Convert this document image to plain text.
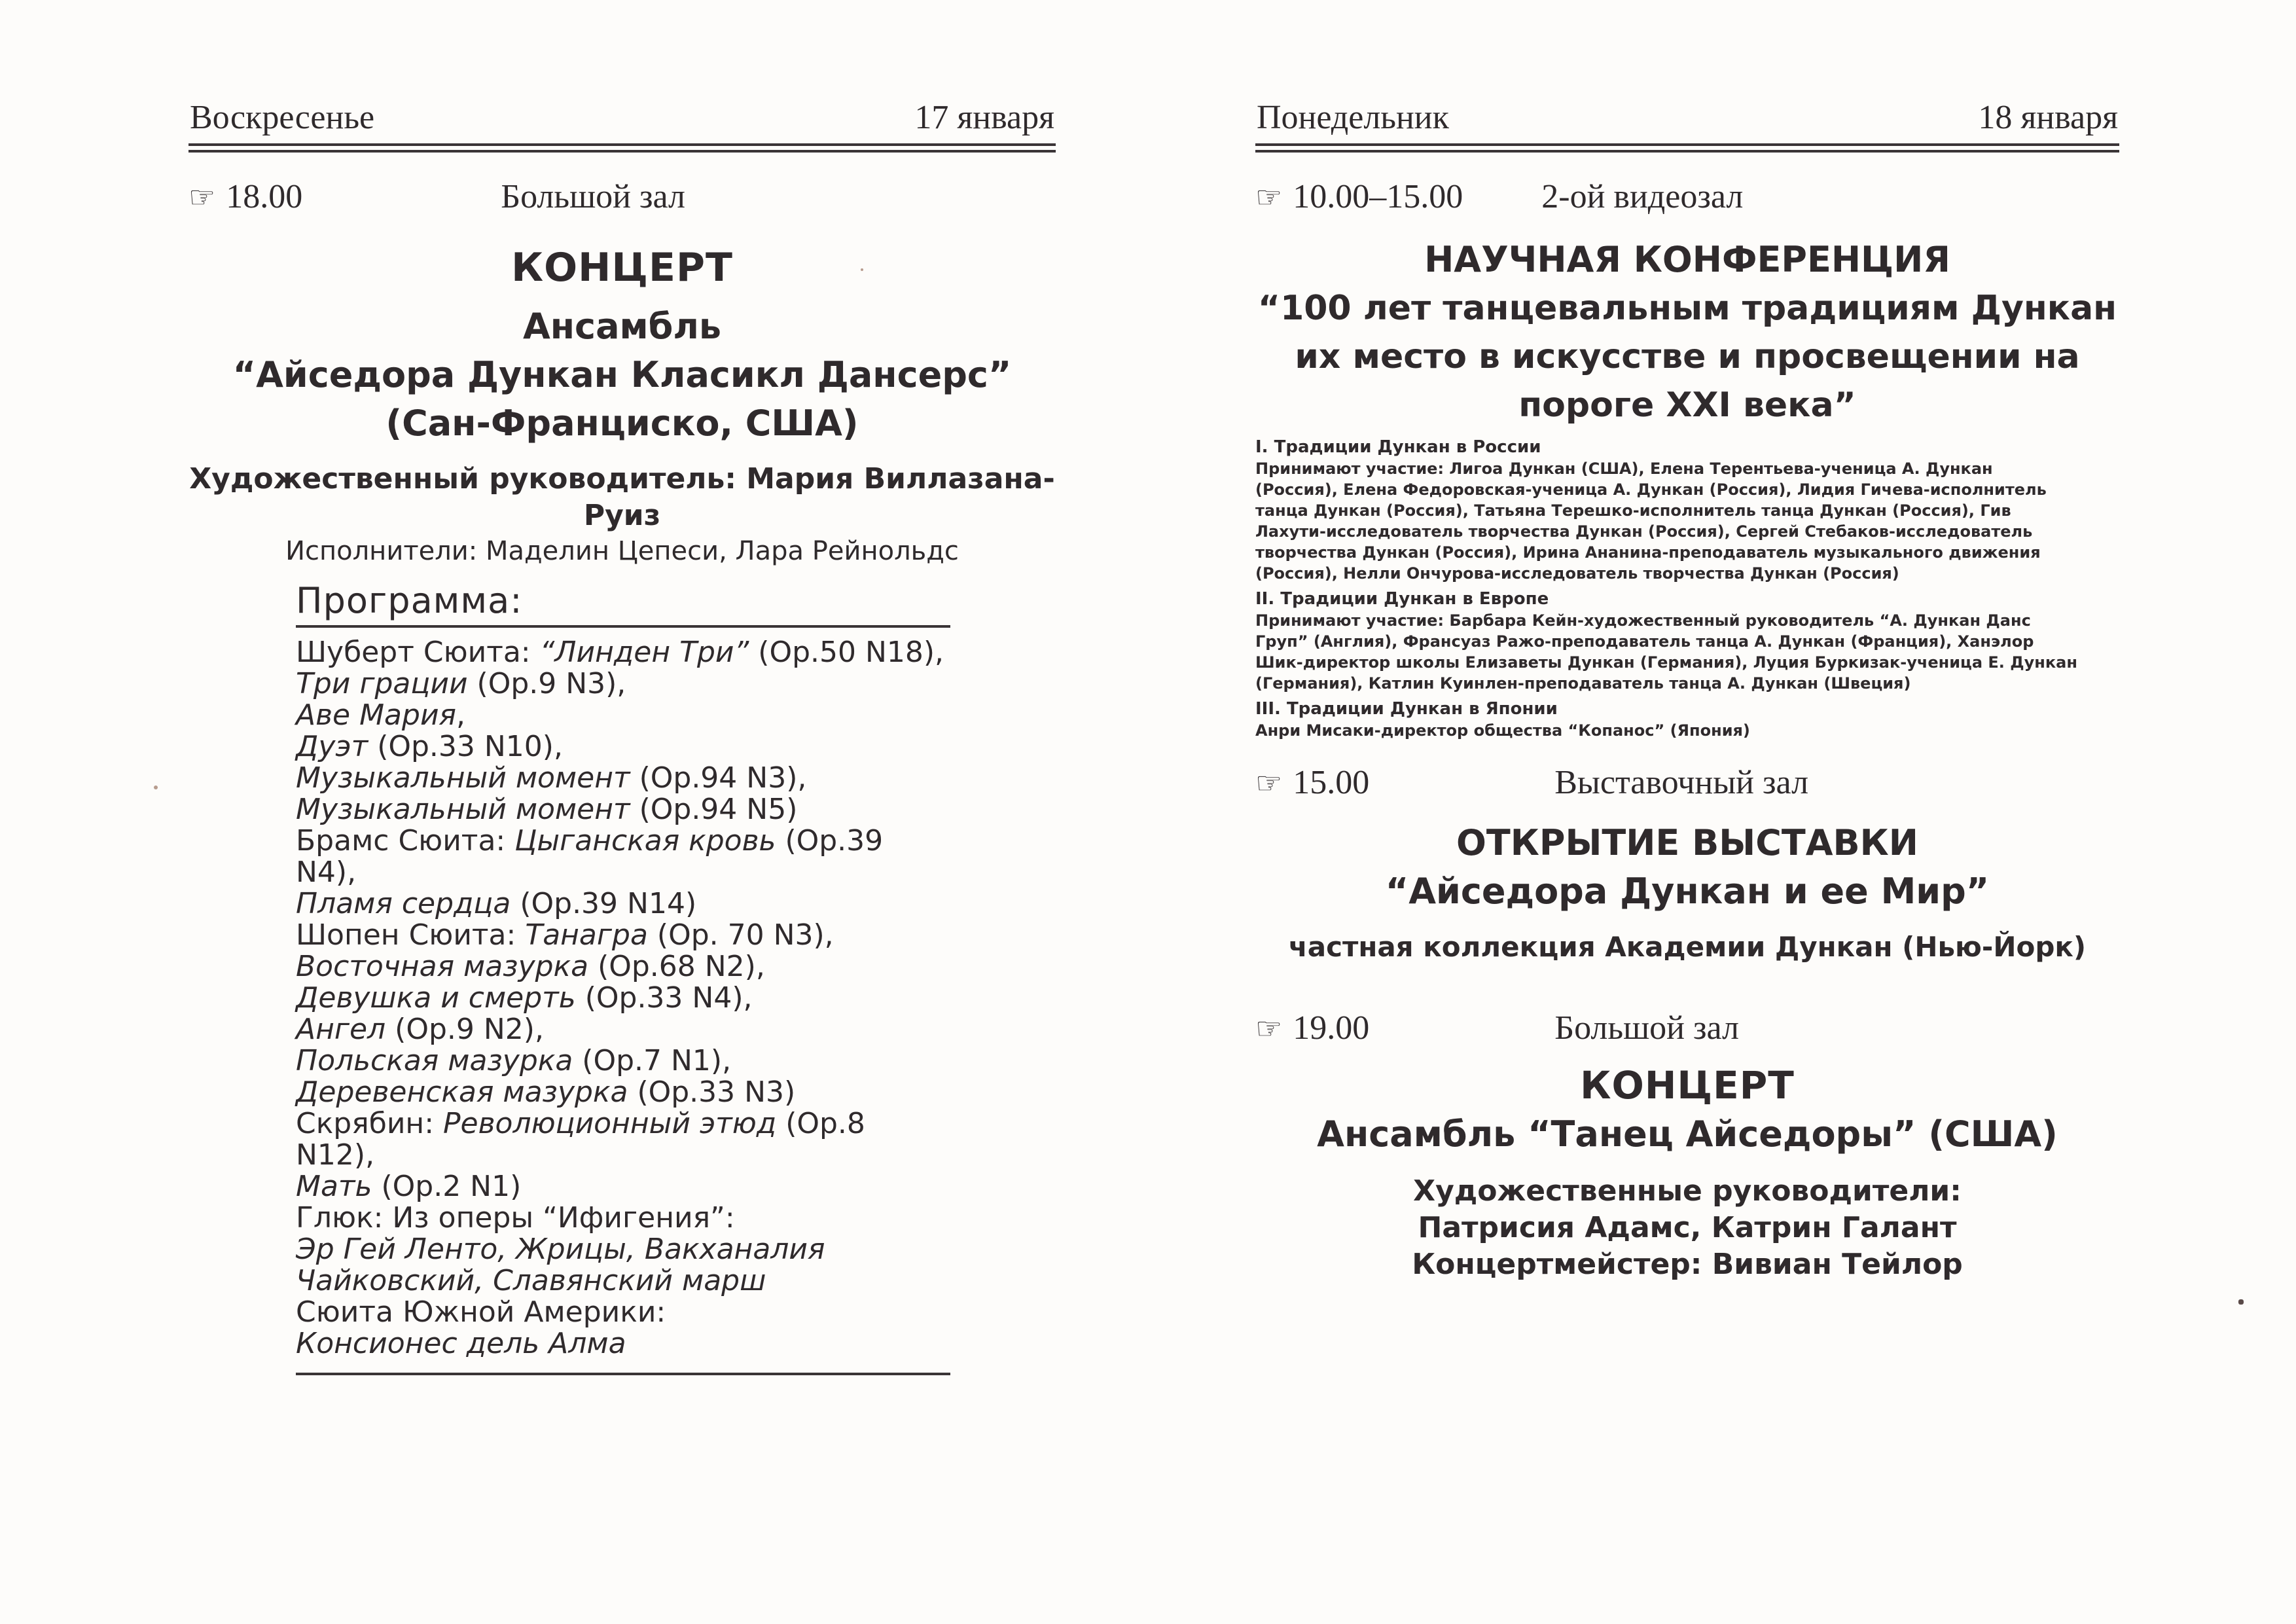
Воскресенье	17 января
☞ 18.00	Большой зал
КОНЦЕРТ
Ансамбль
“Айседора Дункан Класикл Дансерс”
(Сан-Франциско, США)
Художественный руководитель: Мария Виллазана-Руиз
Исполнители: Маделин Цепеси, Лара Рейнольдс
Программа:
Шуберт Сюита: “Линден Три” (Op.50 N18),
Три грации (Op.9 N3),
Аве Мария,
Дуэт (Op.33 N10),
Музыкальный момент (Op.94 N3),
Музыкальный момент (Op.94 N5)
Брамс Сюита: Цыганская кровь (Op.39 N4),
Пламя сердца (Op.39 N14)
Шопен Сюита: Танагра (Op. 70 N3),
Восточная мазурка (Op.68 N2),
Девушка и смерть (Op.33 N4),
Ангел (Op.9 N2),
Польская мазурка (Op.7 N1),
Деревенская мазурка (Op.33 N3)
Скрябин: Революционный этюд (Op.8 N12),
Мать (Op.2 N1)
Глюк: Из оперы “Ифигения”:
Эр Гей Ленто, Жрицы, Вакханалия
Чайковский, Славянский марш
Сюита Южной Америки:
Консионес дель Алма
Понедельник	18 января
☞ 10.00–15.00	2-ой видеозал
НАУЧНАЯ КОНФЕРЕНЦИЯ
“100 лет танцевальным традициям Дункан
их место в искусстве и просвещении на
пороге XXI века”
I. Традиции Дункан в России
Принимают участие: Лигоа Дункан (США), Елена Терентьева-ученица А. Дункан
(Россия), Елена Федоровская-ученица А. Дункан (Россия), Лидия Гичева-исполнитель
танца Дункан (Россия), Татьяна Терешко-исполнитель танца Дункан (Россия), Гив
Лахути-исследователь творчества Дункан (Россия), Сергей Стебаков-исследователь
творчества Дункан (Россия), Ирина Ананина-преподаватель музыкального движения
(Россия), Нелли Ончурова-исследователь творчества Дункан (Россия)
II. Традиции Дункан в Европе
Принимают участие: Барбара Кейн-художественный руководитель “А. Дункан Данс
Груп” (Англия), Франсуаз Ражо-преподаватель танца А. Дункан (Франция), Ханэлор
Шик-директор школы Елизаветы Дункан (Германия), Луция Буркизак-ученица Е. Дункан
(Германия), Катлин Куинлен-преподаватель танца А. Дункан (Швеция)
III. Традиции Дункан в Японии
Анри Мисаки-директор общества “Копанос” (Япония)
☞ 15.00	Выставочный зал
ОТКРЫТИЕ ВЫСТАВКИ
“Айседора Дункан и ее Мир”
частная коллекция Академии Дункан (Нью-Йорк)
☞ 19.00	Большой зал
КОНЦЕРТ
Ансамбль “Танец Айседоры” (США)
Художественные руководители:
Патрисия Адамс, Катрин Галант
Концертмейстер: Вивиан Тейлор
